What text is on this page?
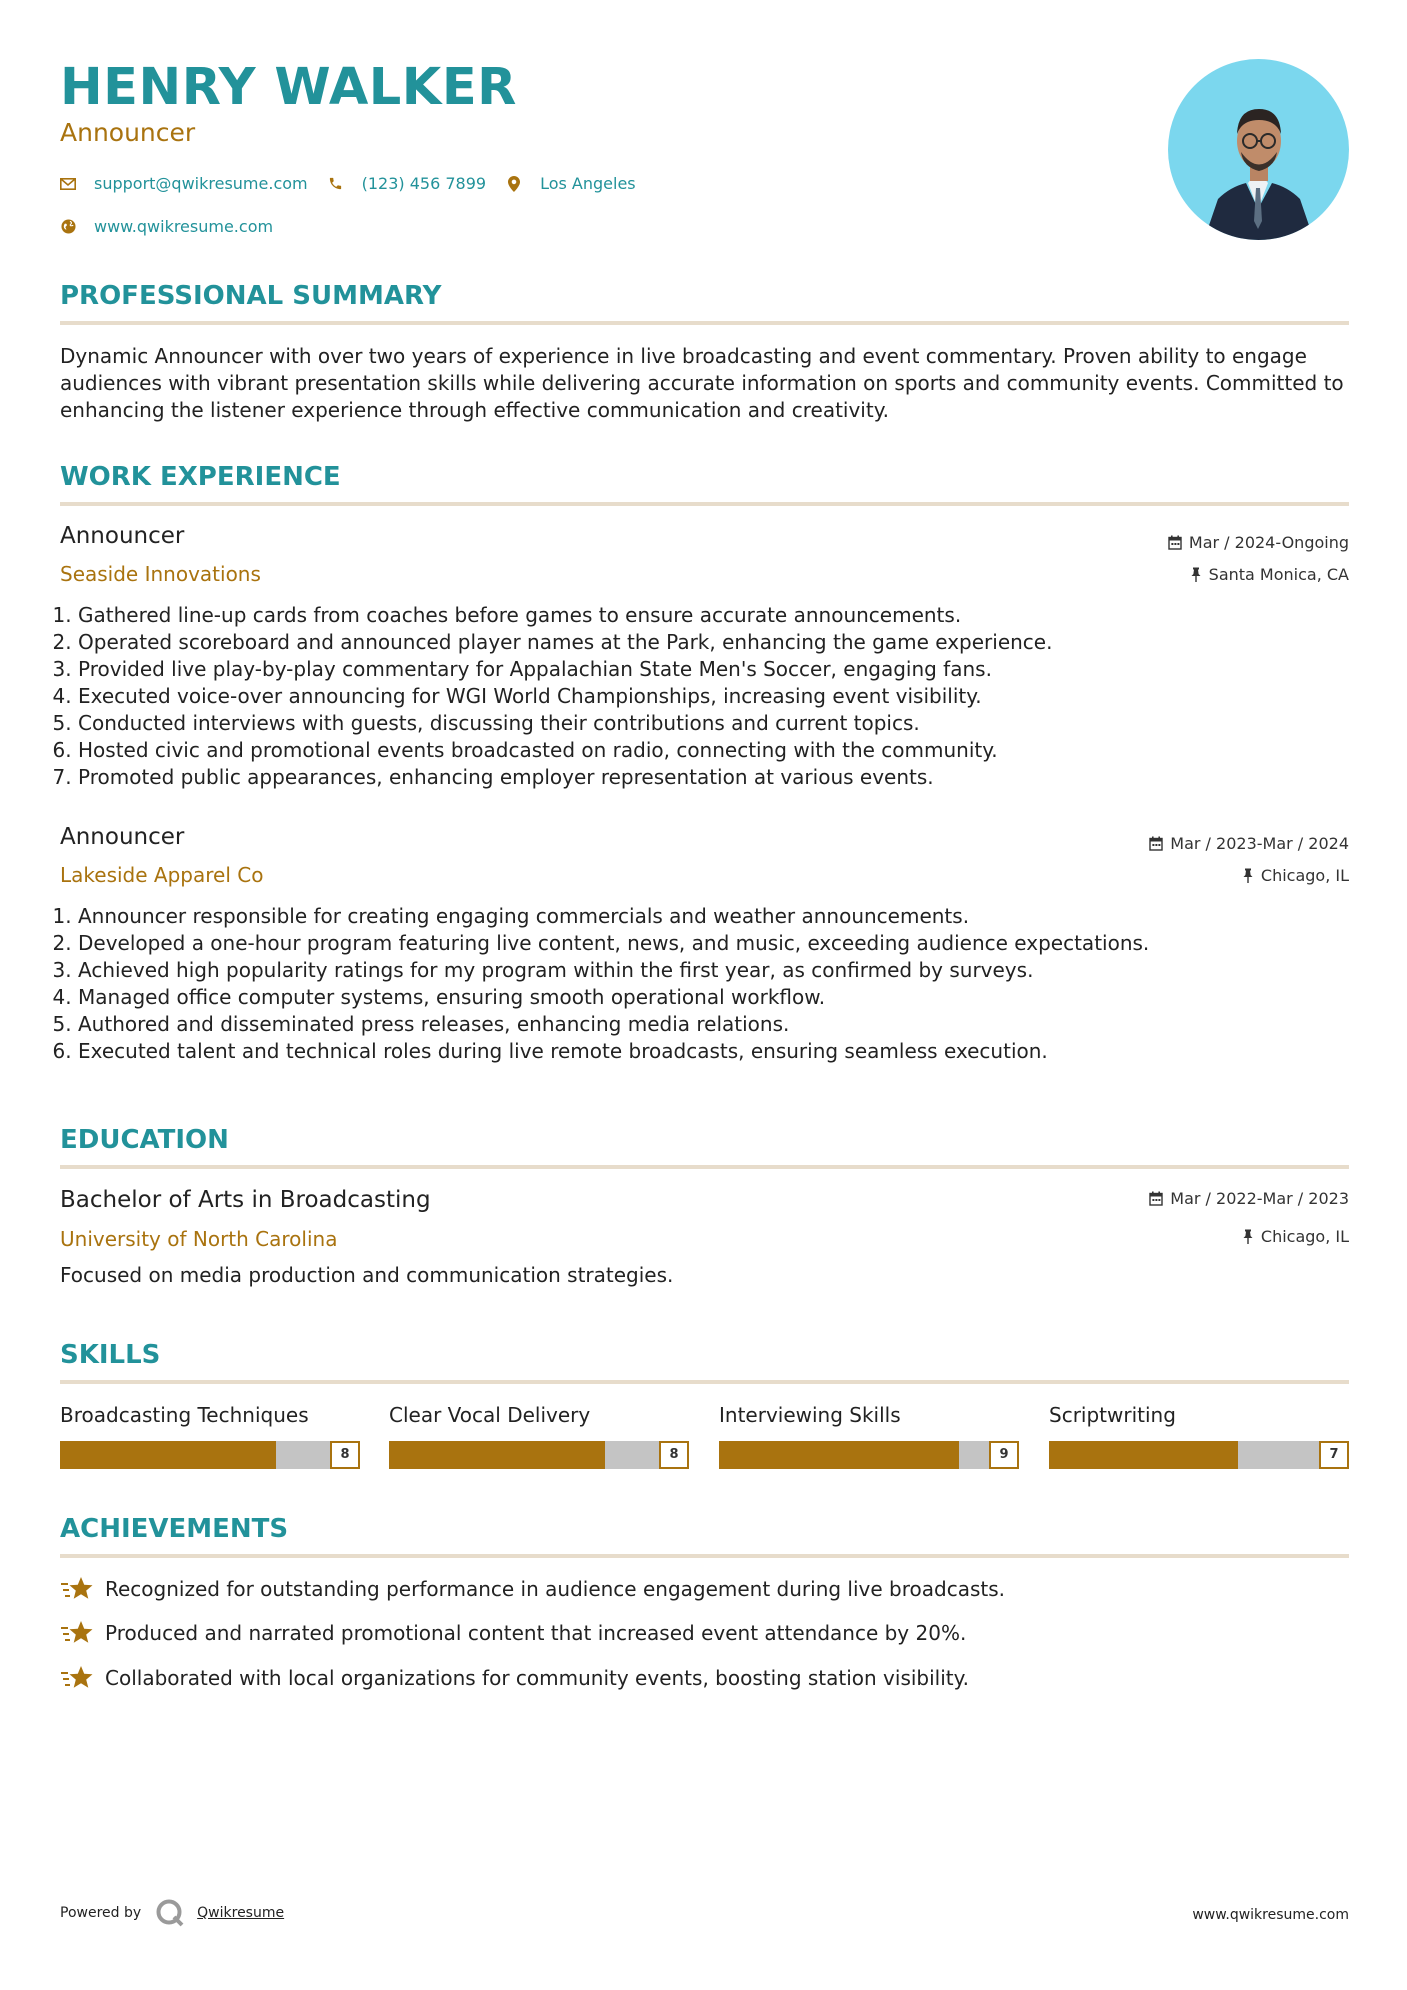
HENRY WALKER
Announcer
support@qwikresume.com	(123) 456 7899	Los Angeles
www.qwikresume.com
PROFESSIONAL SUMMARY

Dynamic Announcer with over two years of experience in live broadcasting and event commentary. Proven ability to engage audiences with vibrant presentation skills while delivering accurate information on sports and community events. Committed to enhancing the listener experience through effective communication and creativity.

WORK EXPERIENCE
Announcer
Seaside Innovations
Mar / 2024-Ongoing
Santa Monica, CA
1. Gathered line-up cards from coaches before games to ensure accurate announcements.
2. Operated scoreboard and announced player names at the Park, enhancing the game experience.
3. Provided live play-by-play commentary for Appalachian State Men's Soccer, engaging fans.
4. Executed voice-over announcing for WGI World Championships, increasing event visibility.
5. Conducted interviews with guests, discussing their contributions and current topics.
6. Hosted civic and promotional events broadcasted on radio, connecting with the community.
7. Promoted public appearances, enhancing employer representation at various events.
Announcer
Lakeside Apparel Co
Mar / 2023-Mar / 2024
Chicago, IL
1. Announcer responsible for creating engaging commercials and weather announcements.
2. Developed a one-hour program featuring live content, news, and music, exceeding audience expectations.
3. Achieved high popularity ratings for my program within the first year, as confirmed by surveys.
4. Managed office computer systems, ensuring smooth operational workflow.
5. Authored and disseminated press releases, enhancing media relations.
6. Executed talent and technical roles during live remote broadcasts, ensuring seamless execution.
EDUCATION
Bachelor of Arts in Broadcasting
University of North Carolina
Mar / 2022-Mar / 2023
Chicago, IL

Focused on media production and communication strategies.

SKILLS
Broadcasting Techniques
8
Clear Vocal Delivery
8
Interviewing Skills
9
Scriptwriting
7
ACHIEVEMENTS
Recognized for outstanding performance in audience engagement during live broadcasts.
Produced and narrated promotional content that increased event attendance by 20%.
Collaborated with local organizations for community events, boosting station visibility.
Powered by	Qwikresume	www.qwikresume.com
